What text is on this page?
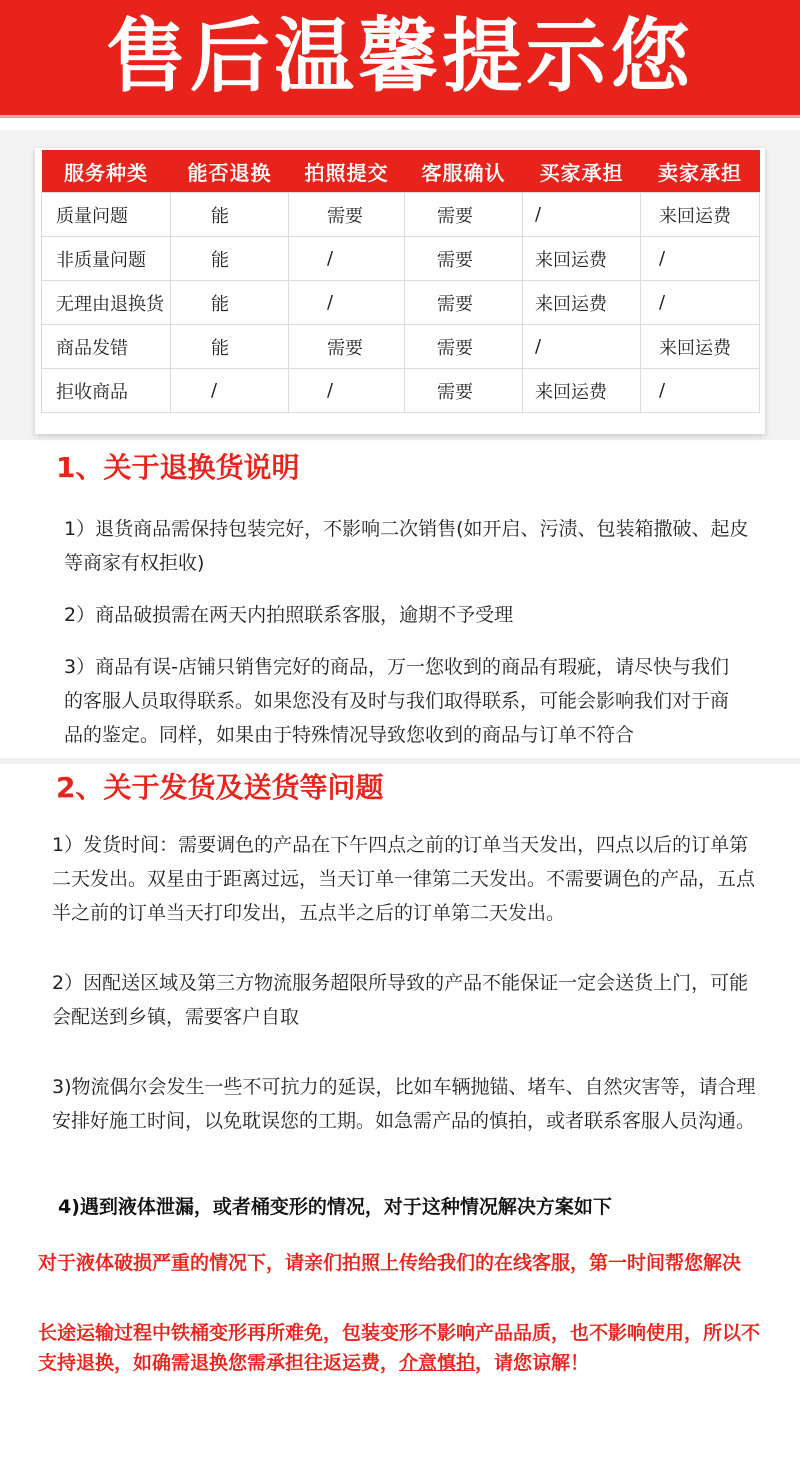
售后温馨提示您
服务种类	能否退换	拍照提交	客服确认	买家承担	卖家承担
质量问题	能	需要	需要	/	来回运费
非质量问题	能	/	需要	来回运费	/
无理由退换货	能	/	需要	来回运费	/
商品发错	能	需要	需要	/	来回运费
拒收商品	/	/	需要	来回运费	/
1、关于退换货说明
1）退货商品需保持包装完好，不影响二次销售(如开启、污渍、包装箱撒破、起皮等商家有权拒收)
2）商品破损需在两天内拍照联系客服，逾期不予受理
3）商品有误-店铺只销售完好的商品，万一您收到的商品有瑕疵，请尽快与我们的客服人员取得联系。如果您没有及时与我们取得联系，可能会影响我们对于商品的鉴定。同样，如果由于特殊情况导致您收到的商品与订单不符合
2、关于发货及送货等问题
1）发货时间：需要调色的产品在下午四点之前的订单当天发出，四点以后的订单第二天发出。双星由于距离过远，当天订单一律第二天发出。不需要调色的产品，五点半之前的订单当天打印发出，五点半之后的订单第二天发出。
2）因配送区域及第三方物流服务超限所导致的产品不能保证一定会送货上门，可能会配送到乡镇，需要客户自取
3)物流偶尔会发生一些不可抗力的延误，比如车辆抛锚、堵车、自然灾害等，请合理安排好施工时间，以免耽误您的工期。如急需产品的慎拍，或者联系客服人员沟通。
4)遇到液体泄漏，或者桶变形的情况，对于这种情况解决方案如下
对于液体破损严重的情况下，请亲们拍照上传给我们的在线客服，第一时间帮您解决
长途运输过程中铁桶变形再所难免，包装变形不影响产品品质，也不影响使用，所以不支持退换，如确需退换您需承担往返运费，介意慎拍，请您谅解！
